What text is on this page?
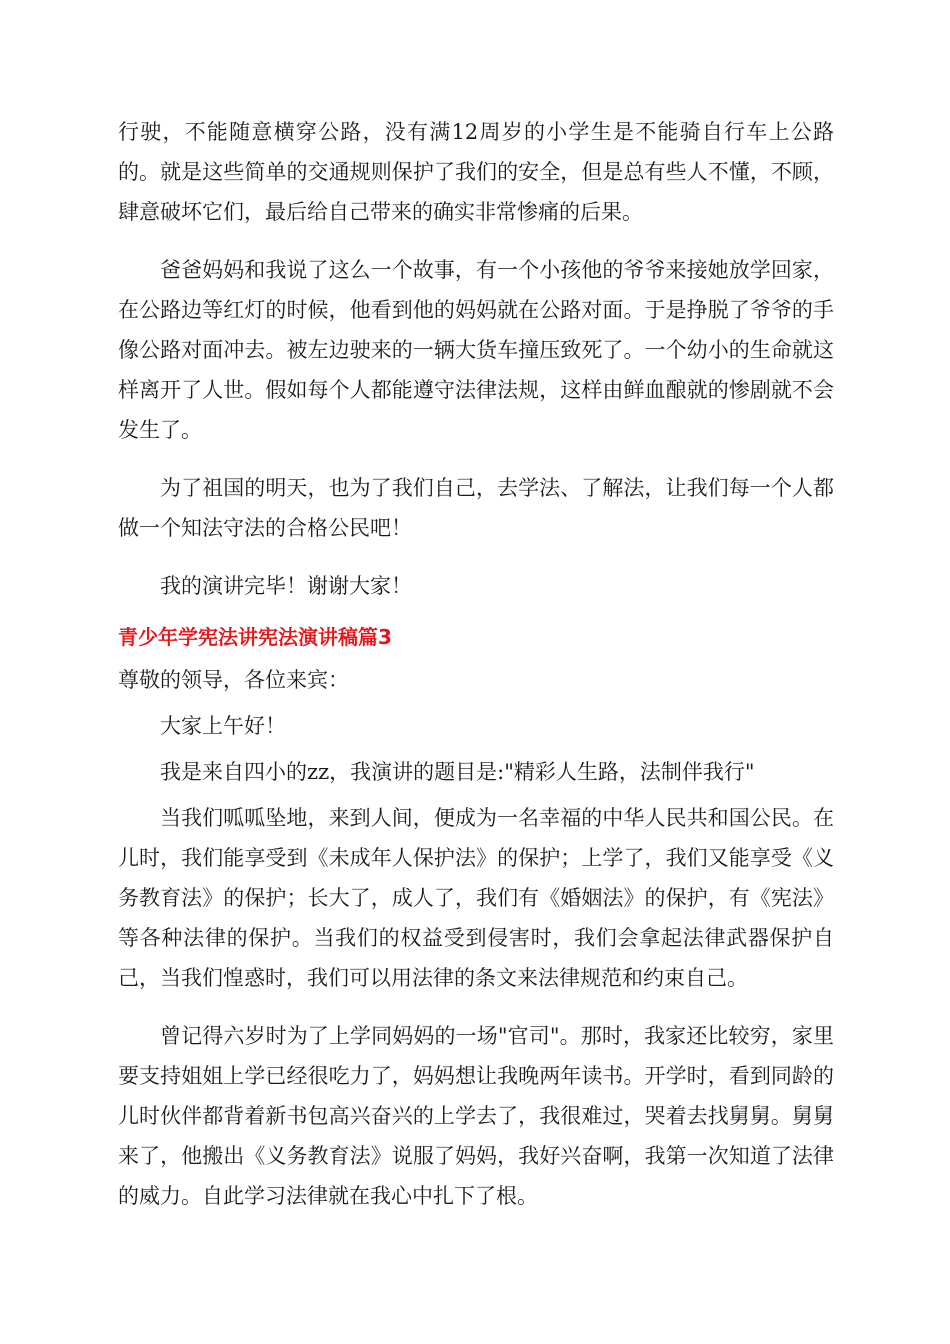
行驶，不能随意横穿公路，没有满12周岁的小学生是不能骑自行车上公路的。就是这些简单的交通规则保护了我们的安全，但是总有些人不懂，不顾，肆意破坏它们，最后给自己带来的确实非常惨痛的后果。

爸爸妈妈和我说了这么一个故事，有一个小孩他的爷爷来接她放学回家，在公路边等红灯的时候，他看到他的妈妈就在公路对面。于是挣脱了爷爷的手像公路对面冲去。被左边驶来的一辆大货车撞压致死了。一个幼小的生命就这样离开了人世。假如每个人都能遵守法律法规，这样由鲜血酿就的惨剧就不会发生了。

为了祖国的明天，也为了我们自己，去学法、了解法，让我们每一个人都做一个知法守法的合格公民吧！

我的演讲完毕！谢谢大家！

青少年学宪法讲宪法演讲稿篇3

尊敬的领导，各位来宾：

大家上午好！

我是来自四小的zz，我演讲的题目是:"精彩人生路，法制伴我行"

当我们呱呱坠地，来到人间，便成为一名幸福的中华人民共和国公民。在儿时，我们能享受到《未成年人保护法》的保护；上学了，我们又能享受《义务教育法》的保护；长大了，成人了，我们有《婚姻法》的保护，有《宪法》等各种法律的保护。当我们的权益受到侵害时，我们会拿起法律武器保护自己，当我们惶惑时，我们可以用法律的条文来法律规范和约束自己。

曾记得六岁时为了上学同妈妈的一场"官司"。那时，我家还比较穷，家里要支持姐姐上学已经很吃力了，妈妈想让我晚两年读书。开学时，看到同龄的儿时伙伴都背着新书包高兴奋兴的上学去了，我很难过，哭着去找舅舅。舅舅来了，他搬出《义务教育法》说服了妈妈，我好兴奋啊，我第一次知道了法律的威力。自此学习法律就在我心中扎下了根。
